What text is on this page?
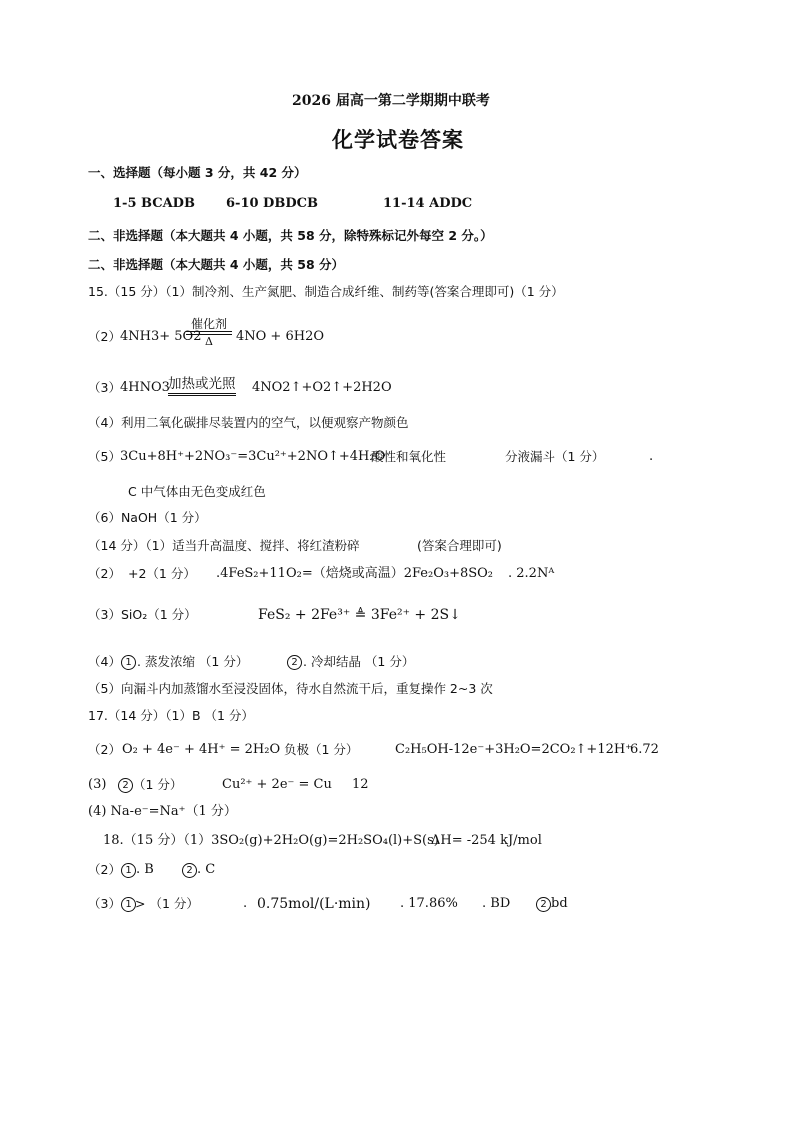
2026 届高一第二学期期中联考
化学试卷答案
一、选择题（每小题 3 分，共 42 分）
1-5 BCADB 6-10 DBDCB	11-14 ADDC
二、非选择题（本大题共 4 小题，共 58 分，除特殊标记外每空 2 分。）
二、非选择题（本大题共 4 小题，共 58 分）
15.（15 分）（1）制冷剂、生产氮肥、制造合成纤维、制药等(答案合理即可)（1 分）
（2） 4NH3+ 5O2
催化剂
Δ	4NO + 6H2O
（3） 4HNO3
加热或光照 4NO2↑+O2↑+2H2O
（4）利用二氧化碳排尽装置内的空气，以便观察产物颜色
（5） 3Cu+8H⁺+2NO₃⁻=3Cu²⁺+2NO↑+4H₂O
酸性和氧化性	分液漏斗（1 分）	.
C 中气体由无色变成红色
（6）NaOH（1 分）
（14 分）（1）适当升高温度、搅拌、将红渣粉碎	(答案合理即可)
（2） +2（1 分） .4FeS₂+11O₂=（焙烧或高温）2Fe₂O₃+8SO₂ . 2.2Nᴬ
（3）SiO₂（1 分）	FeS₂ + 2Fe³⁺ ≜ 3Fe²⁺ + 2S↓
（4） 1 . 蒸发浓缩 （1 分）	2 . 冷却结晶 （1 分）
（5）向漏斗内加蒸馏水至浸没固体，待水自然流干后，重复操作 2~3 次
17.（14 分）（1）B （1 分）
（2） O₂ + 4e⁻ + 4H⁺ = 2H₂O 负极（1 分）	C₂H₅OH-12e⁻+3H₂O=2CO₂↑+12H⁺
6.72
(3)	2 （1 分）	Cu²⁺ + 2e⁻ = Cu 12
(4) Na-e⁻=Na⁺（1 分）
18.（15 分）（1）3SO₂(g)+2H₂O(g)=2H₂SO₄(l)+S(s)
ΔH= -254 kJ/mol
（2） 1 . B	2 . C
（3） 1 > （1 分）	. 0.75mol/(L·min) . 17.86% . BD	2 bd
